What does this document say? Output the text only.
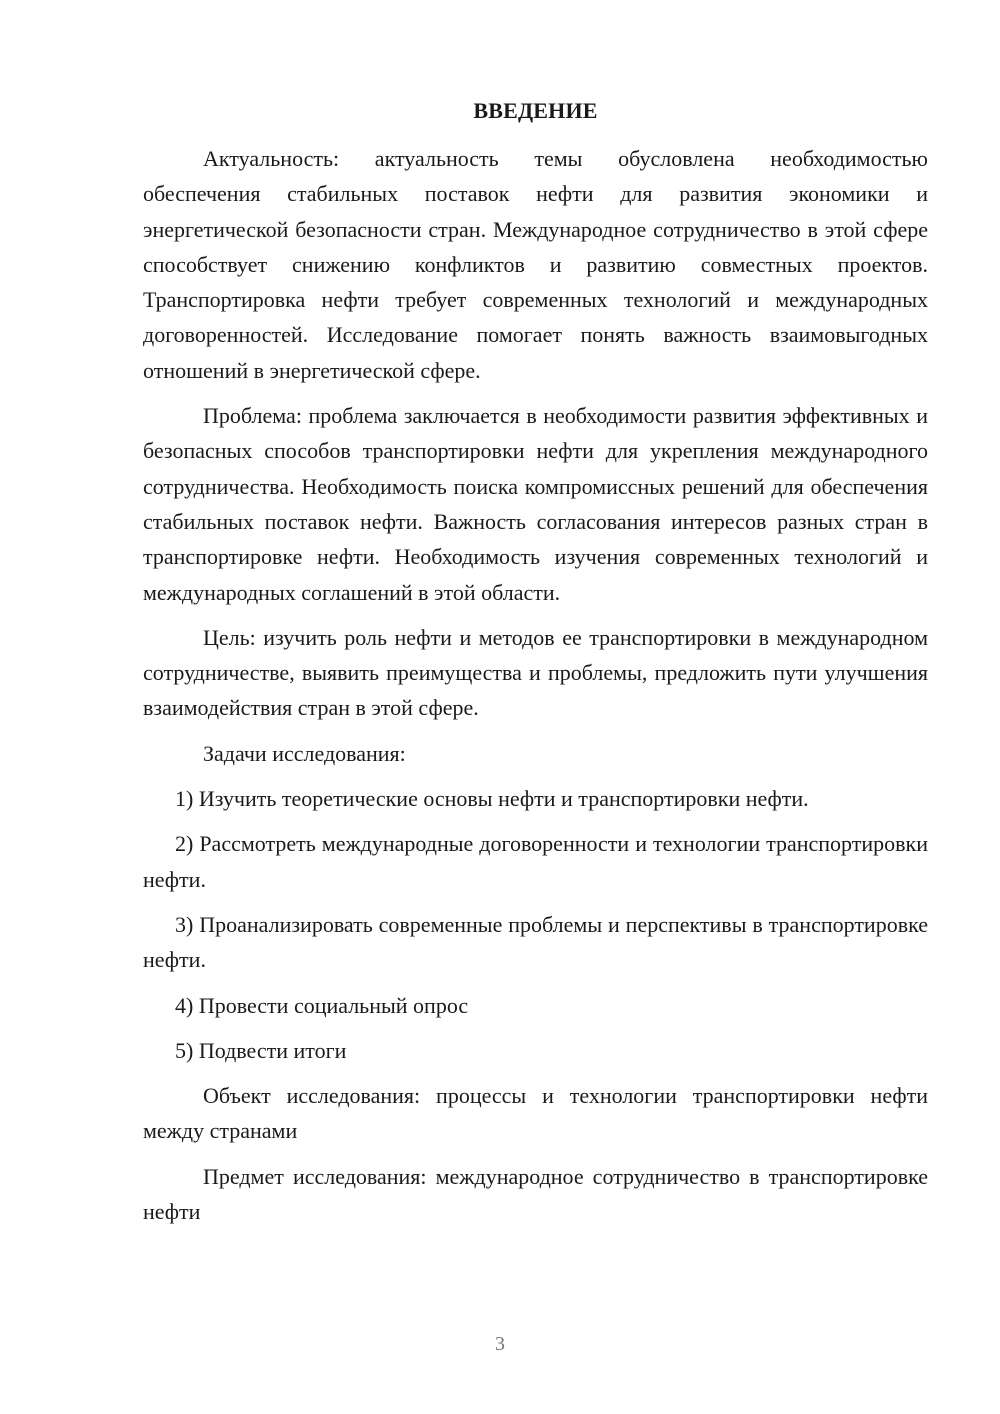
ВВЕДЕНИЕ

Актуальность: актуальность темы обусловлена необходимостью обеспечения стабильных поставок нефти для развития экономики и энергетической безопасности стран. Международное сотрудничество в этой сфере способствует снижению конфликтов и развитию совместных проектов. Транспортировка нефти требует современных технологий и международных договоренностей. Исследование помогает понять важность взаимовыгодных отношений в энергетической сфере.

Проблема: проблема заключается в необходимости развития эффективных и безопасных способов транспортировки нефти для укрепления международного сотрудничества. Необходимость поиска компромиссных решений для обеспечения стабильных поставок нефти. Важность согласования интересов разных стран в транспортировке нефти. Необходимость изучения современных технологий и международных соглашений в этой области.

Цель: изучить роль нефти и методов ее транспортировки в международном сотрудничестве, выявить преимущества и проблемы, предложить пути улучшения взаимодействия стран в этой сфере.

Задачи исследования:

1) Изучить теоретические основы нефти и транспортировки нефти.

2) Рассмотреть международные договоренности и технологии транспортировки нефти.

3) Проанализировать современные проблемы и перспективы в транспортировке нефти.

4) Провести социальный опрос

5) Подвести итоги

Объект исследования: процессы и технологии транспортировки нефти между странами

Предмет исследования: международное сотрудничество в транспортировке нефти

3
